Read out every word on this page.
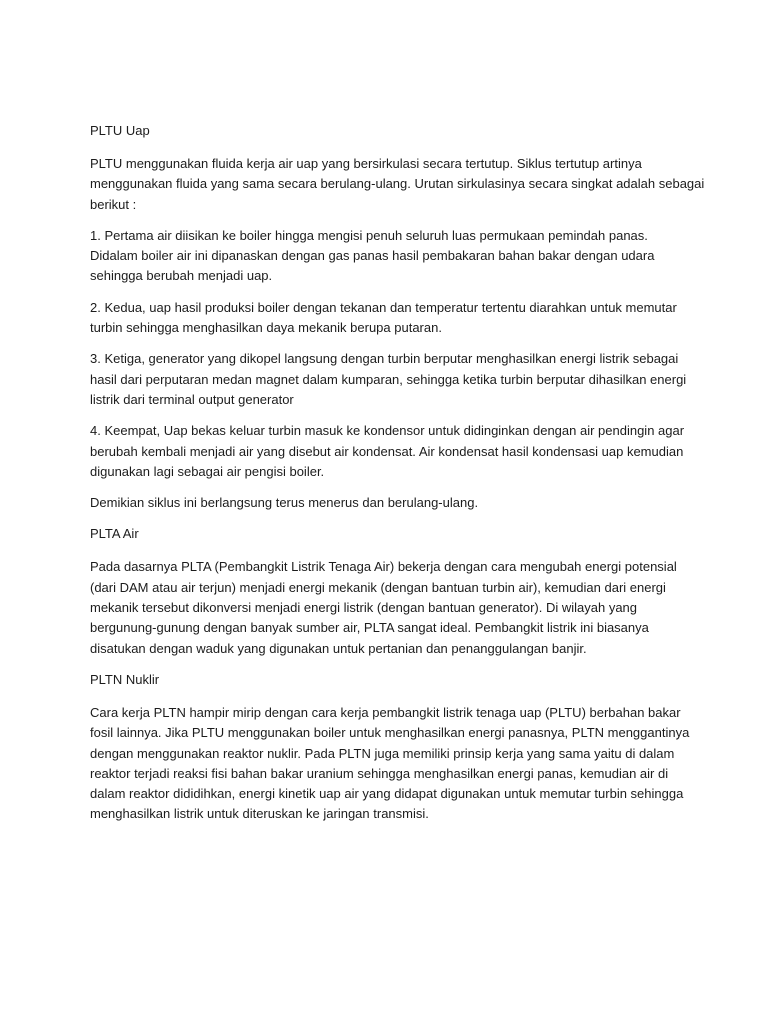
PLTU Uap
PLTU menggunakan fluida kerja air uap yang bersirkulasi secara tertutup. Siklus tertutup artinya
menggunakan fluida yang sama secara berulang-ulang. Urutan sirkulasinya secara singkat adalah sebagai
berikut :
1. Pertama air diisikan ke boiler hingga mengisi penuh seluruh luas permukaan pemindah panas.
Didalam boiler air ini dipanaskan dengan gas panas hasil pembakaran bahan bakar dengan udara
sehingga berubah menjadi uap.
2. Kedua, uap hasil produksi boiler dengan tekanan dan temperatur tertentu diarahkan untuk memutar
turbin sehingga menghasilkan daya mekanik berupa putaran.
3. Ketiga, generator yang dikopel langsung dengan turbin berputar menghasilkan energi listrik sebagai
hasil dari perputaran medan magnet dalam kumparan, sehingga ketika turbin berputar dihasilkan energi
listrik dari terminal output generator
4. Keempat, Uap bekas keluar turbin masuk ke kondensor untuk didinginkan dengan air pendingin agar
berubah kembali menjadi air yang disebut air kondensat. Air kondensat hasil kondensasi uap kemudian
digunakan lagi sebagai air pengisi boiler.
Demikian siklus ini berlangsung terus menerus dan berulang-ulang.
PLTA Air
Pada dasarnya PLTA (Pembangkit Listrik Tenaga Air) bekerja dengan cara mengubah energi potensial
(dari DAM atau air terjun) menjadi energi mekanik (dengan bantuan turbin air), kemudian dari energi
mekanik tersebut dikonversi menjadi energi listrik (dengan bantuan generator). Di wilayah yang
bergunung-gunung dengan banyak sumber air, PLTA sangat ideal. Pembangkit listrik ini biasanya
disatukan dengan waduk yang digunakan untuk pertanian dan penanggulangan banjir.
PLTN Nuklir
Cara kerja PLTN hampir mirip dengan cara kerja pembangkit listrik tenaga uap (PLTU) berbahan bakar
fosil lainnya. Jika PLTU menggunakan boiler untuk menghasilkan energi panasnya, PLTN menggantinya
dengan menggunakan reaktor nuklir. Pada PLTN juga memiliki prinsip kerja yang sama yaitu di dalam
reaktor terjadi reaksi fisi bahan bakar uranium sehingga menghasilkan energi panas, kemudian air di
dalam reaktor dididihkan, energi kinetik uap air yang didapat digunakan untuk memutar turbin sehingga
menghasilkan listrik untuk diteruskan ke jaringan transmisi.
